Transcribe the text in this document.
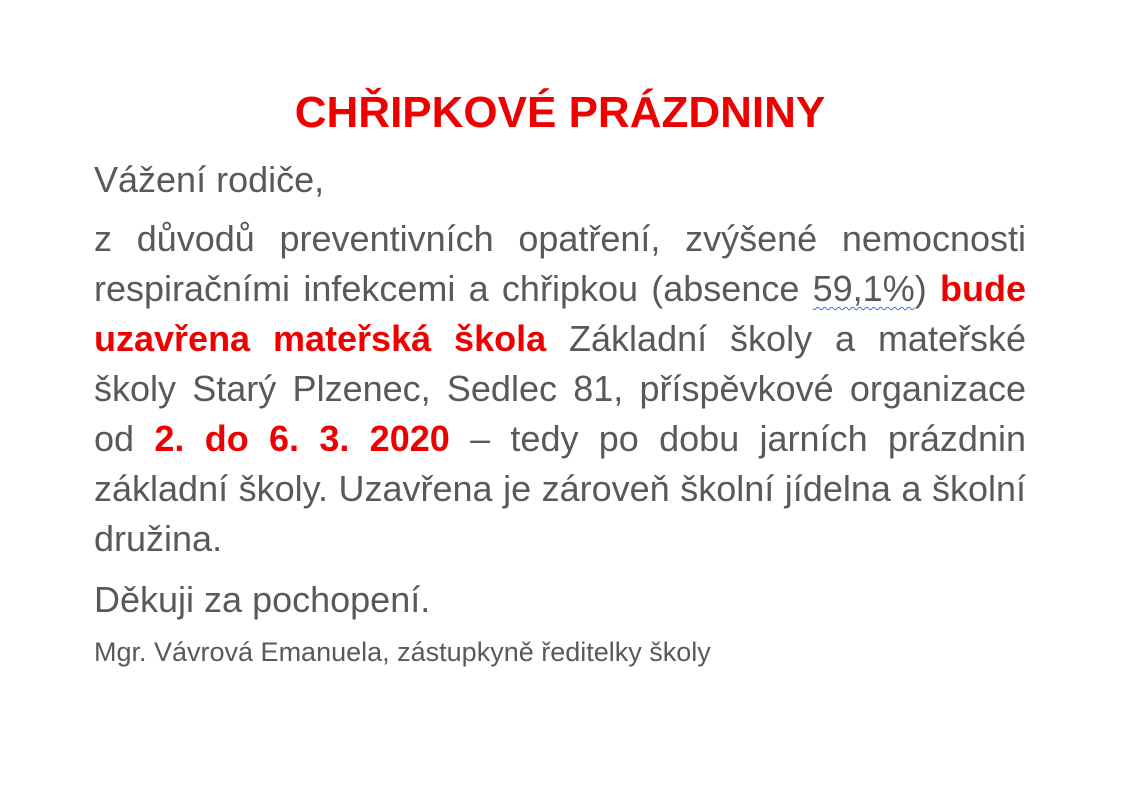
CHŘIPKOVÉ PRÁZDNINY
Vážení rodiče,
z důvodů preventivních opatření, zvýšené nemocnosti respiračními infekcemi a chřipkou (absence 59,1%) bude uzavřena mateřská škola Základní školy a mateřské školy Starý Plzenec, Sedlec 81, příspěvkové organizace od 2. do 6. 3. 2020 – tedy po dobu jarních prázdnin základní školy. Uzavřena je zároveň školní jídelna a školní družina.
Děkuji za pochopení.
Mgr. Vávrová Emanuela, zástupkyně ředitelky školy
